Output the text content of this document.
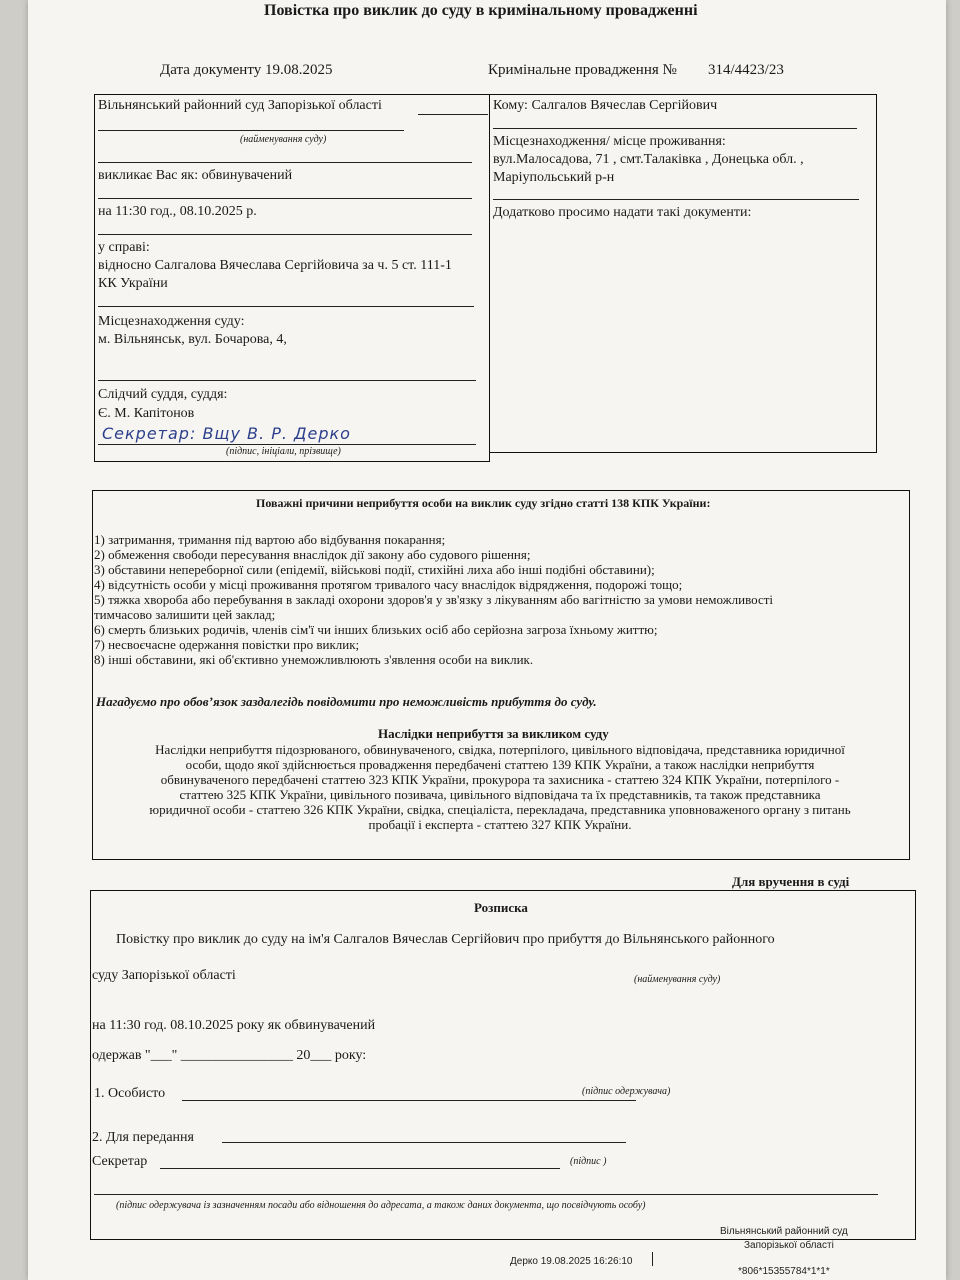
Повістка про виклик до суду в кримінальному провадженні
Дата документу 19.08.2025	Кримінальне провадження № 314/4423/23
Вільнянський районний суд Запорізької області
(найменування суду)
викликає Вас як: обвинувачений
на 11:30 год., 08.10.2025 р.
у справі:
відносно Салгалова Вячеслава Сергійовича за ч. 5 ст. 111-1
КК України
Місцезнаходження суду:
м. Вільнянськ, вул. Бочарова, 4,
Слідчий суддя, суддя:
Є. М. Капітонов
Секретар: Вщу В. Р. Дерко
(підпис, ініціали, прізвище)
Кому: Салгалов Вячеслав Сергійович
Місцезнаходження/ місце проживання:
вул.Малосадова, 71 , смт.Талаківка , Донецька обл. ,
Маріупольський р-н
Додатково просимо надати такі документи:
Поважні причини неприбуття особи на виклик суду згідно статті 138 КПК України:
1) затримання, тримання під вартою або відбування покарання;
2) обмеження свободи пересування внаслідок дії закону або судового рішення;
3) обставини непереборної сили (епідемії, військові події, стихійні лиха або інші подібні обставини);
4) відсутність особи у місці проживання протягом тривалого часу внаслідок відрядження, подорожі тощо;
5) тяжка хвороба або перебування в закладі охорони здоров'я у зв'язку з лікуванням або вагітністю за умови неможливості
тимчасово залишити цей заклад;
6) смерть близьких родичів, членів сім'ї чи інших близьких осіб або серйозна загроза їхньому життю;
7) несвоєчасне одержання повістки про виклик;
8) інші обставини, які об'єктивно унеможливлюють з'явлення особи на виклик.
Нагадуємо про обов’язок заздалегідь повідомити про неможливість прибуття до суду.
Наслідки неприбуття за викликом суду
Наслідки неприбуття підозрюваного, обвинуваченого, свідка, потерпілого, цивільного відповідача, представника юридичної
особи, щодо якої здійснюється провадження передбачені статтею 139 КПК України, а також наслідки неприбуття
обвинуваченого передбачені статтею 323 КПК України, прокурора та захисника - статтею 324 КПК України, потерпілого -
статтею 325 КПК України, цивільного позивача, цивільного відповідача та їх представників, та також представника
юридичної особи - статтею 326 КПК України, свідка, спеціаліста, перекладача, представника уповноваженого органу з питань
пробації і експерта - статтею 327 КПК України.
Для вручення в суді
Розписка
Повістку про виклик до суду на ім'я Салгалов Вячеслав Сергійович про прибуття до Вільнянського районного
суду Запорізької області	(найменування суду)
на 11:30 год. 08.10.2025 року як обвинувачений
одержав "___" ________________ 20___ року:
1. Особисто	(підпис одержувача)
2. Для передання
Секретар	(підпис )
(підпис одержувача із зазначенням посади або відношення до адресата, а також даних документа, що посвідчують особу)
Вільнянський районний суд
Запорізької області
Дерко 19.08.2025 16:26:10
*806*15355784*1*1*
